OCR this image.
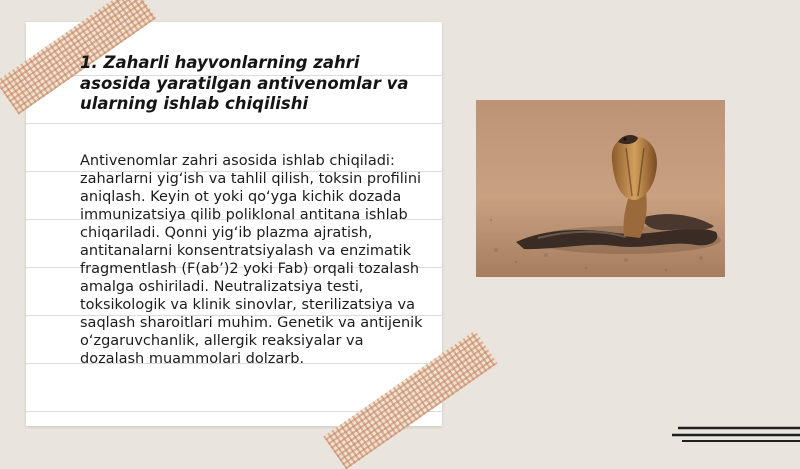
1. Zaharli hayvonlarning zahri asosida yaratilgan antivenomlar va ularning ishlab chiqilishi

Antivenomlar zahri asosida ishlab chiqiladi: zaharlarni yig‘ish va tahlil qilish, toksin profilini aniqlash. Keyin ot yoki qo‘yga kichik dozada immunizatsiya qilib poliklonal antitana ishlab chiqariladi. Qonni yig‘ib plazma ajratish, antitanalarni konsentratsiyalash va enzimatik fragmentlash (F(ab’)2 yoki Fab) orqali tozalash amalga oshiriladi. Neutralizatsiya testi, toksikologik va klinik sinovlar, sterilizatsiya va saqlash sharoitlari muhim. Genetik va antijenik o‘zgaruvchanlik, allergik reaksiyalar va dozalash muammolari dolzarb.
